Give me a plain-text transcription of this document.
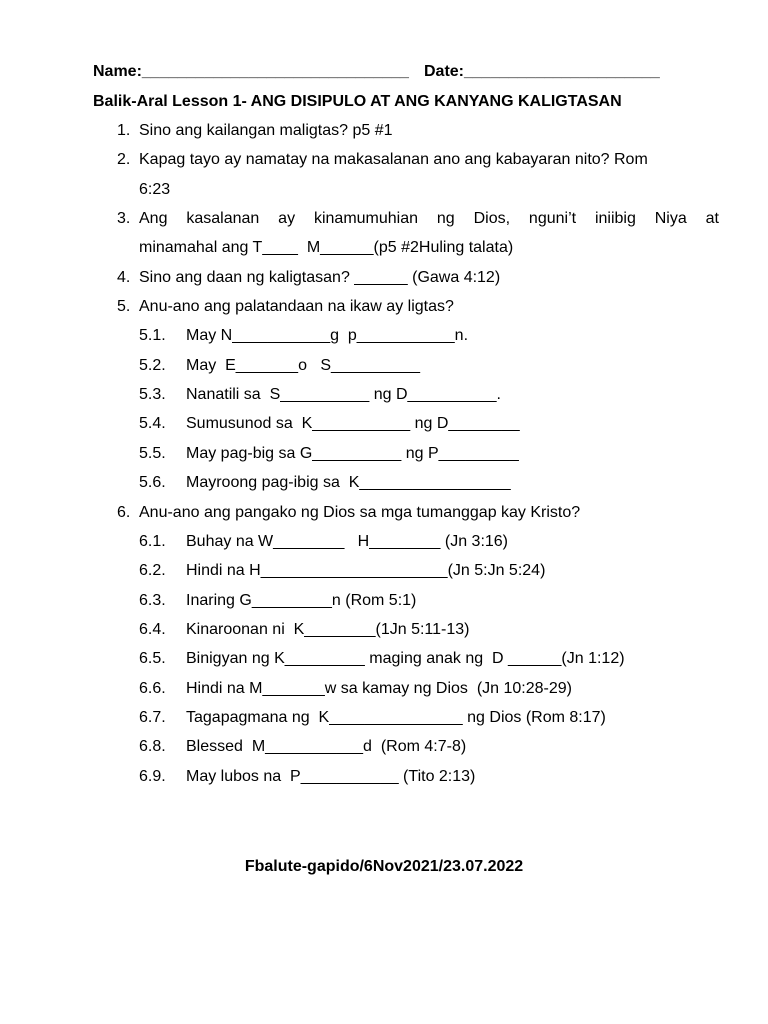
Name:______________________________ Date:______________________
Balik-Aral Lesson 1- ANG DISIPULO AT ANG KANYANG KALIGTASAN
1. Sino ang kailangan maligtas? p5 #1
2. Kapag tayo ay namatay na makasalanan ano ang kabayaran nito? Rom
6:23
3. Ang kasalanan ay kinamumuhian ng Dios, nguni’t iniibig Niya at
minamahal ang T____  M______(p5 #2Huling talata)
4. Sino ang daan ng kaligtasan? ______ (Gawa 4:12)
5. Anu-ano ang palatandaan na ikaw ay ligtas?
5.1. May N___________g  p___________n.
5.2. May  E_______o   S__________
5.3. Nanatili sa  S__________ ng D__________.
5.4. Sumusunod sa  K___________ ng D________
5.5. May pag-big sa G__________ ng P_________
5.6. Mayroong pag-ibig sa  K_________________
6. Anu-ano ang pangako ng Dios sa mga tumanggap kay Kristo?
6.1. Buhay na W________   H________ (Jn 3:16)
6.2. Hindi na H_____________________(Jn 5:Jn 5:24)
6.3. Inaring G_________n (Rom 5:1)
6.4. Kinaroonan ni  K________(1Jn 5:11-13)
6.5. Binigyan ng K_________ maging anak ng  D ______(Jn 1:12)
6.6. Hindi na M_______w sa kamay ng Dios  (Jn 10:28-29)
6.7. Tagapagmana ng  K_______________ ng Dios (Rom 8:17)
6.8. Blessed  M___________d  (Rom 4:7-8)
6.9. May lubos na  P___________ (Tito 2:13)
Fbalute-gapido/6Nov2021/23.07.2022
